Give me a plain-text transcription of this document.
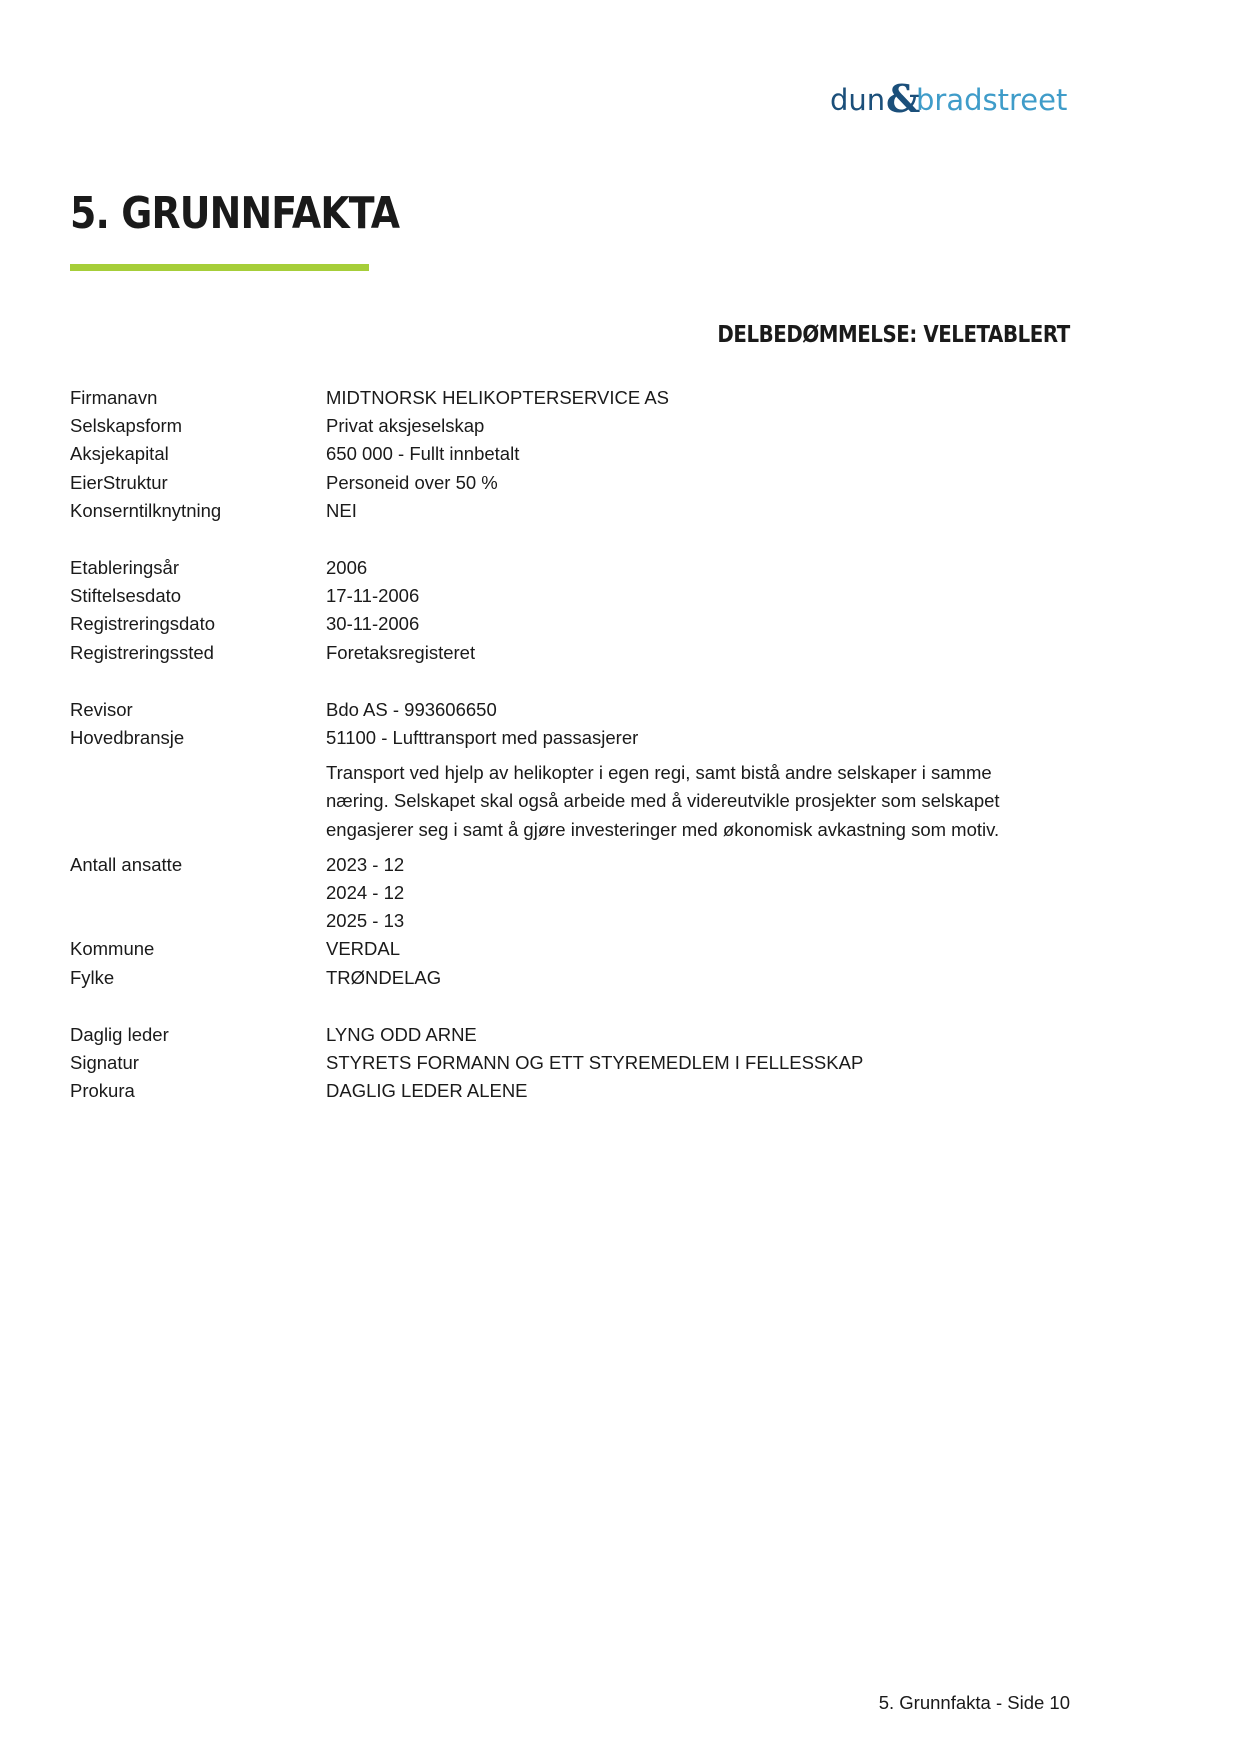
dun &
bradstreet
5. GRUNNFAKTA
DELBEDØMMELSE: VELETABLERT
Firmanavn	MIDTNORSK HELIKOPTERSERVICE AS
Selskapsform	Privat aksjeselskap
Aksjekapital	650 000 - Fullt innbetalt
EierStruktur	Personeid over 50 %
Konserntilknytning	NEI
Etableringsår	2006
Stiftelsesdato	17-11-2006
Registreringsdato	30-11-2006
Registreringssted	Foretaksregisteret
Revisor	Bdo AS - 993606650
Hovedbransje	51100 - Lufttransport med passasjerer
Transport ved hjelp av helikopter i egen regi, samt bistå andre selskaper i samme næring. Selskapet skal også arbeide med å videreutvikle prosjekter som selskapet engasjerer seg i samt å gjøre investeringer med økonomisk avkastning som motiv.
Antall ansatte	2023 - 12
2024 - 12
2025 - 13
Kommune	VERDAL
Fylke	TRØNDELAG
Daglig leder	LYNG ODD ARNE
Signatur	STYRETS FORMANN OG ETT STYREMEDLEM I FELLESSKAP
Prokura	DAGLIG LEDER ALENE
5. Grunnfakta - Side 10
